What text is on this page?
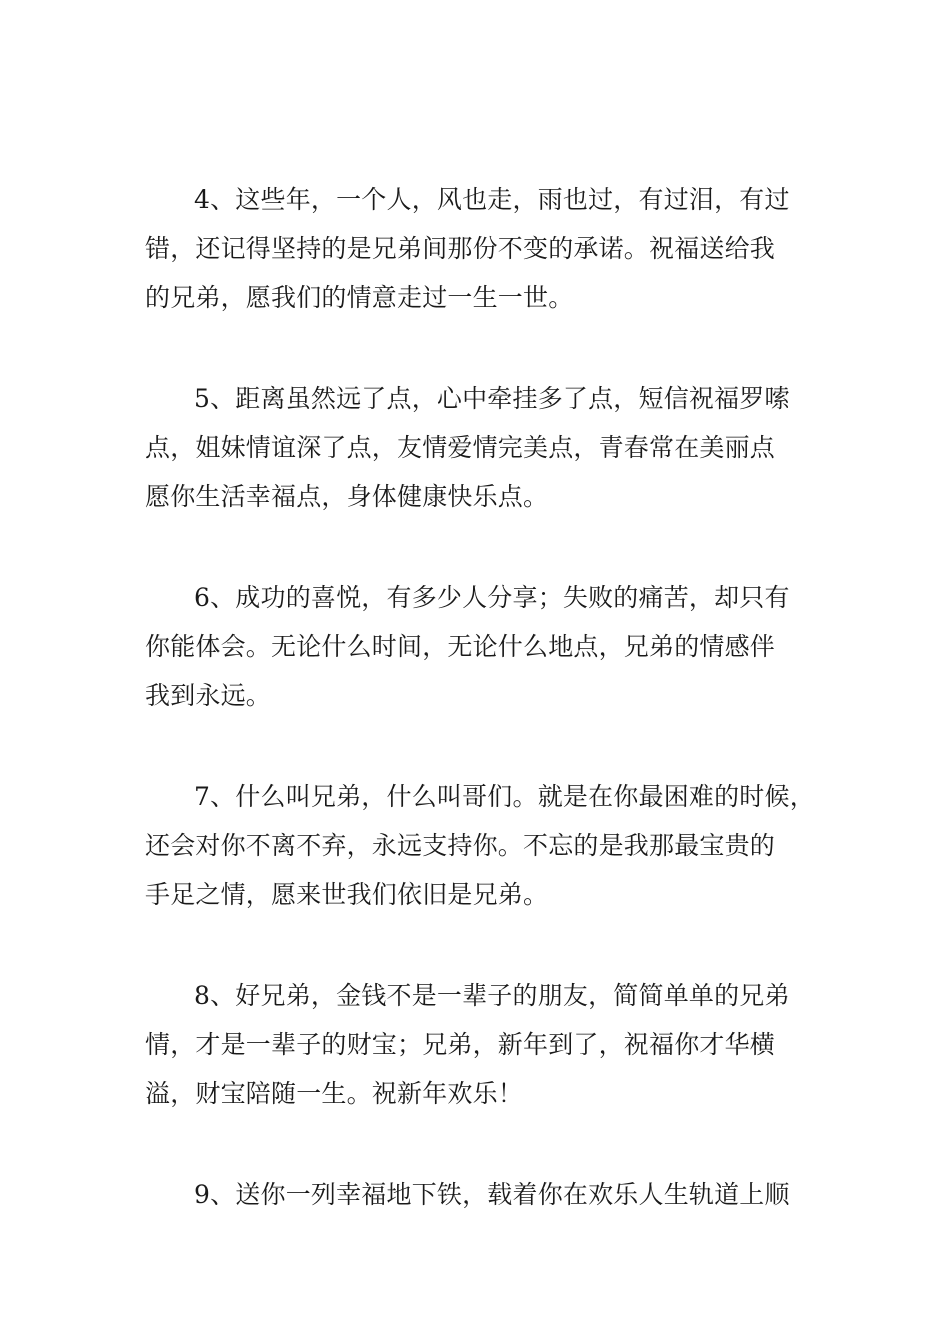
4、这些年，一个人，风也走，雨也过，有过泪，有过

错，还记得坚持的是兄弟间那份不变的承诺。祝福送给我

的兄弟，愿我们的情意走过一生一世。

5、距离虽然远了点，心中牵挂多了点，短信祝福罗嗦

点，姐妹情谊深了点，友情爱情完美点，青春常在美丽点

愿你生活幸福点，身体健康快乐点。

6、成功的喜悦，有多少人分享；失败的痛苦，却只有

你能体会。无论什么时间，无论什么地点，兄弟的情感伴

我到永远。

7、什么叫兄弟，什么叫哥们。就是在你最困难的时候，

还会对你不离不弃，永远支持你。不忘的是我那最宝贵的

手足之情，愿来世我们依旧是兄弟。

8、好兄弟，金钱不是一辈子的朋友，简简单单的兄弟

情，才是一辈子的财宝；兄弟，新年到了，祝福你才华横

溢，财宝陪随一生。祝新年欢乐！

9、送你一列幸福地下铁，载着你在欢乐人生轨道上顺
